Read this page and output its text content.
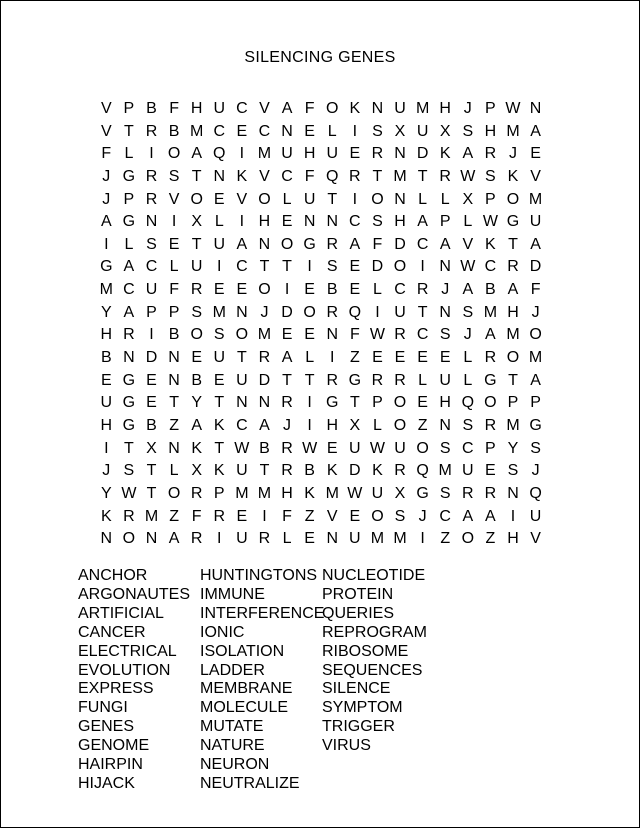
SILENCING GENES
V P B F H U C V A F O K N U M H J P W N
V T R B M C E C N E L I S X U X S H M A
F L I O A Q I M U H U E R N D K A R J E
J G R S T N K V C F Q R T M T R W S K V
J P R V O E V O L U T I O N L L X P O M
A G N I X L I H E N N C S H A P L W G U
I L S E T U A N O G R A F D C A V K T A
G A C L U I C T T I S E D O I N W C R D
M C U F R E E O I E B E L C R J A B A F
Y A P P S M N J D O R Q I U T N S M H J
H R I B O S O M E E N F W R C S J A M O
B N D N E U T R A L I Z E E E E L R O M
E G E N B E U D T T R G R R L U L G T A
U G E T Y T N N R I G T P O E H Q O P P
H G B Z A K C A J	I H X L O Z N S R M G
I T X N K T W B R W E U W U O S C P Y S
J S T L X K U T R B K D K R Q M U E S J
Y W T O R P M M H K M W U X G S R R N Q
K R M Z F R E I F Z V E O S J C A A I U
N O N A R I U R L E N U M M I Z O Z H V
ANCHOR
ARGONAUTES
ARTIFICIAL
CANCER
ELECTRICAL
EVOLUTION
EXPRESS
FUNGI
GENES
GENOME
HAIRPIN
HIJACK
HUNTINGTONS
IMMUNE
INTERFERENCE
IONIC
ISOLATION
LADDER
MEMBRANE
MOLECULE
MUTATE
NATURE
NEURON
NEUTRALIZE
NUCLEOTIDE
PROTEIN
QUERIES
REPROGRAM
RIBOSOME
SEQUENCES
SILENCE
SYMPTOM
TRIGGER
VIRUS
